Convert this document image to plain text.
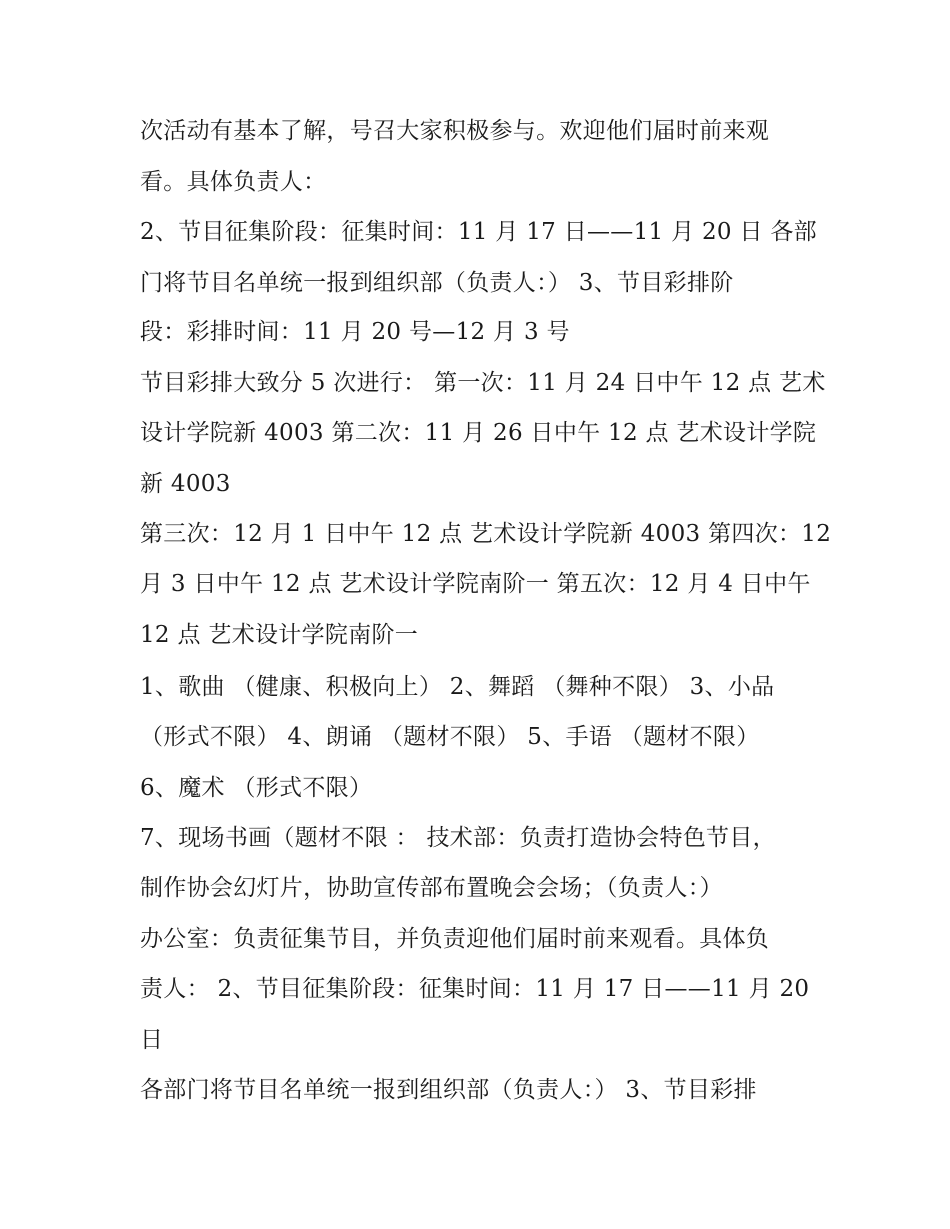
次活动有基本了解，号召大家积极参与。欢迎他们届时前来观
看。具体负责人：
2、节目征集阶段：征集时间：11 月 17 日——11 月 20 日 各部
门将节目名单统一报到组织部（负责人：） 3、节目彩排阶
段：彩排时间：11 月 20 号—12 月 3 号
节目彩排大致分 5 次进行： 第一次：11 月 24 日中午 12 点 艺术
设计学院新 4003 第二次：11 月 26 日中午 12 点 艺术设计学院
新 4003
第三次：12 月 1 日中午 12 点 艺术设计学院新 4003 第四次：12
月 3 日中午 12 点 艺术设计学院南阶一 第五次：12 月 4 日中午
12 点 艺术设计学院南阶一
1、歌曲 （健康、积极向上） 2、舞蹈 （舞种不限） 3、小品
（形式不限） 4、朗诵 （题材不限） 5、手语 （题材不限）
6、魔术 （形式不限）
7、现场书画（题材不限 ： 技术部：负责打造协会特色节目，
制作协会幻灯片，协助宣传部布置晚会会场；（负责人：）
办公室：负责征集节目，并负责迎他们届时前来观看。具体负
责人： 2、节目征集阶段：征集时间：11 月 17 日——11 月 20
日
各部门将节目名单统一报到组织部（负责人：） 3、节目彩排
